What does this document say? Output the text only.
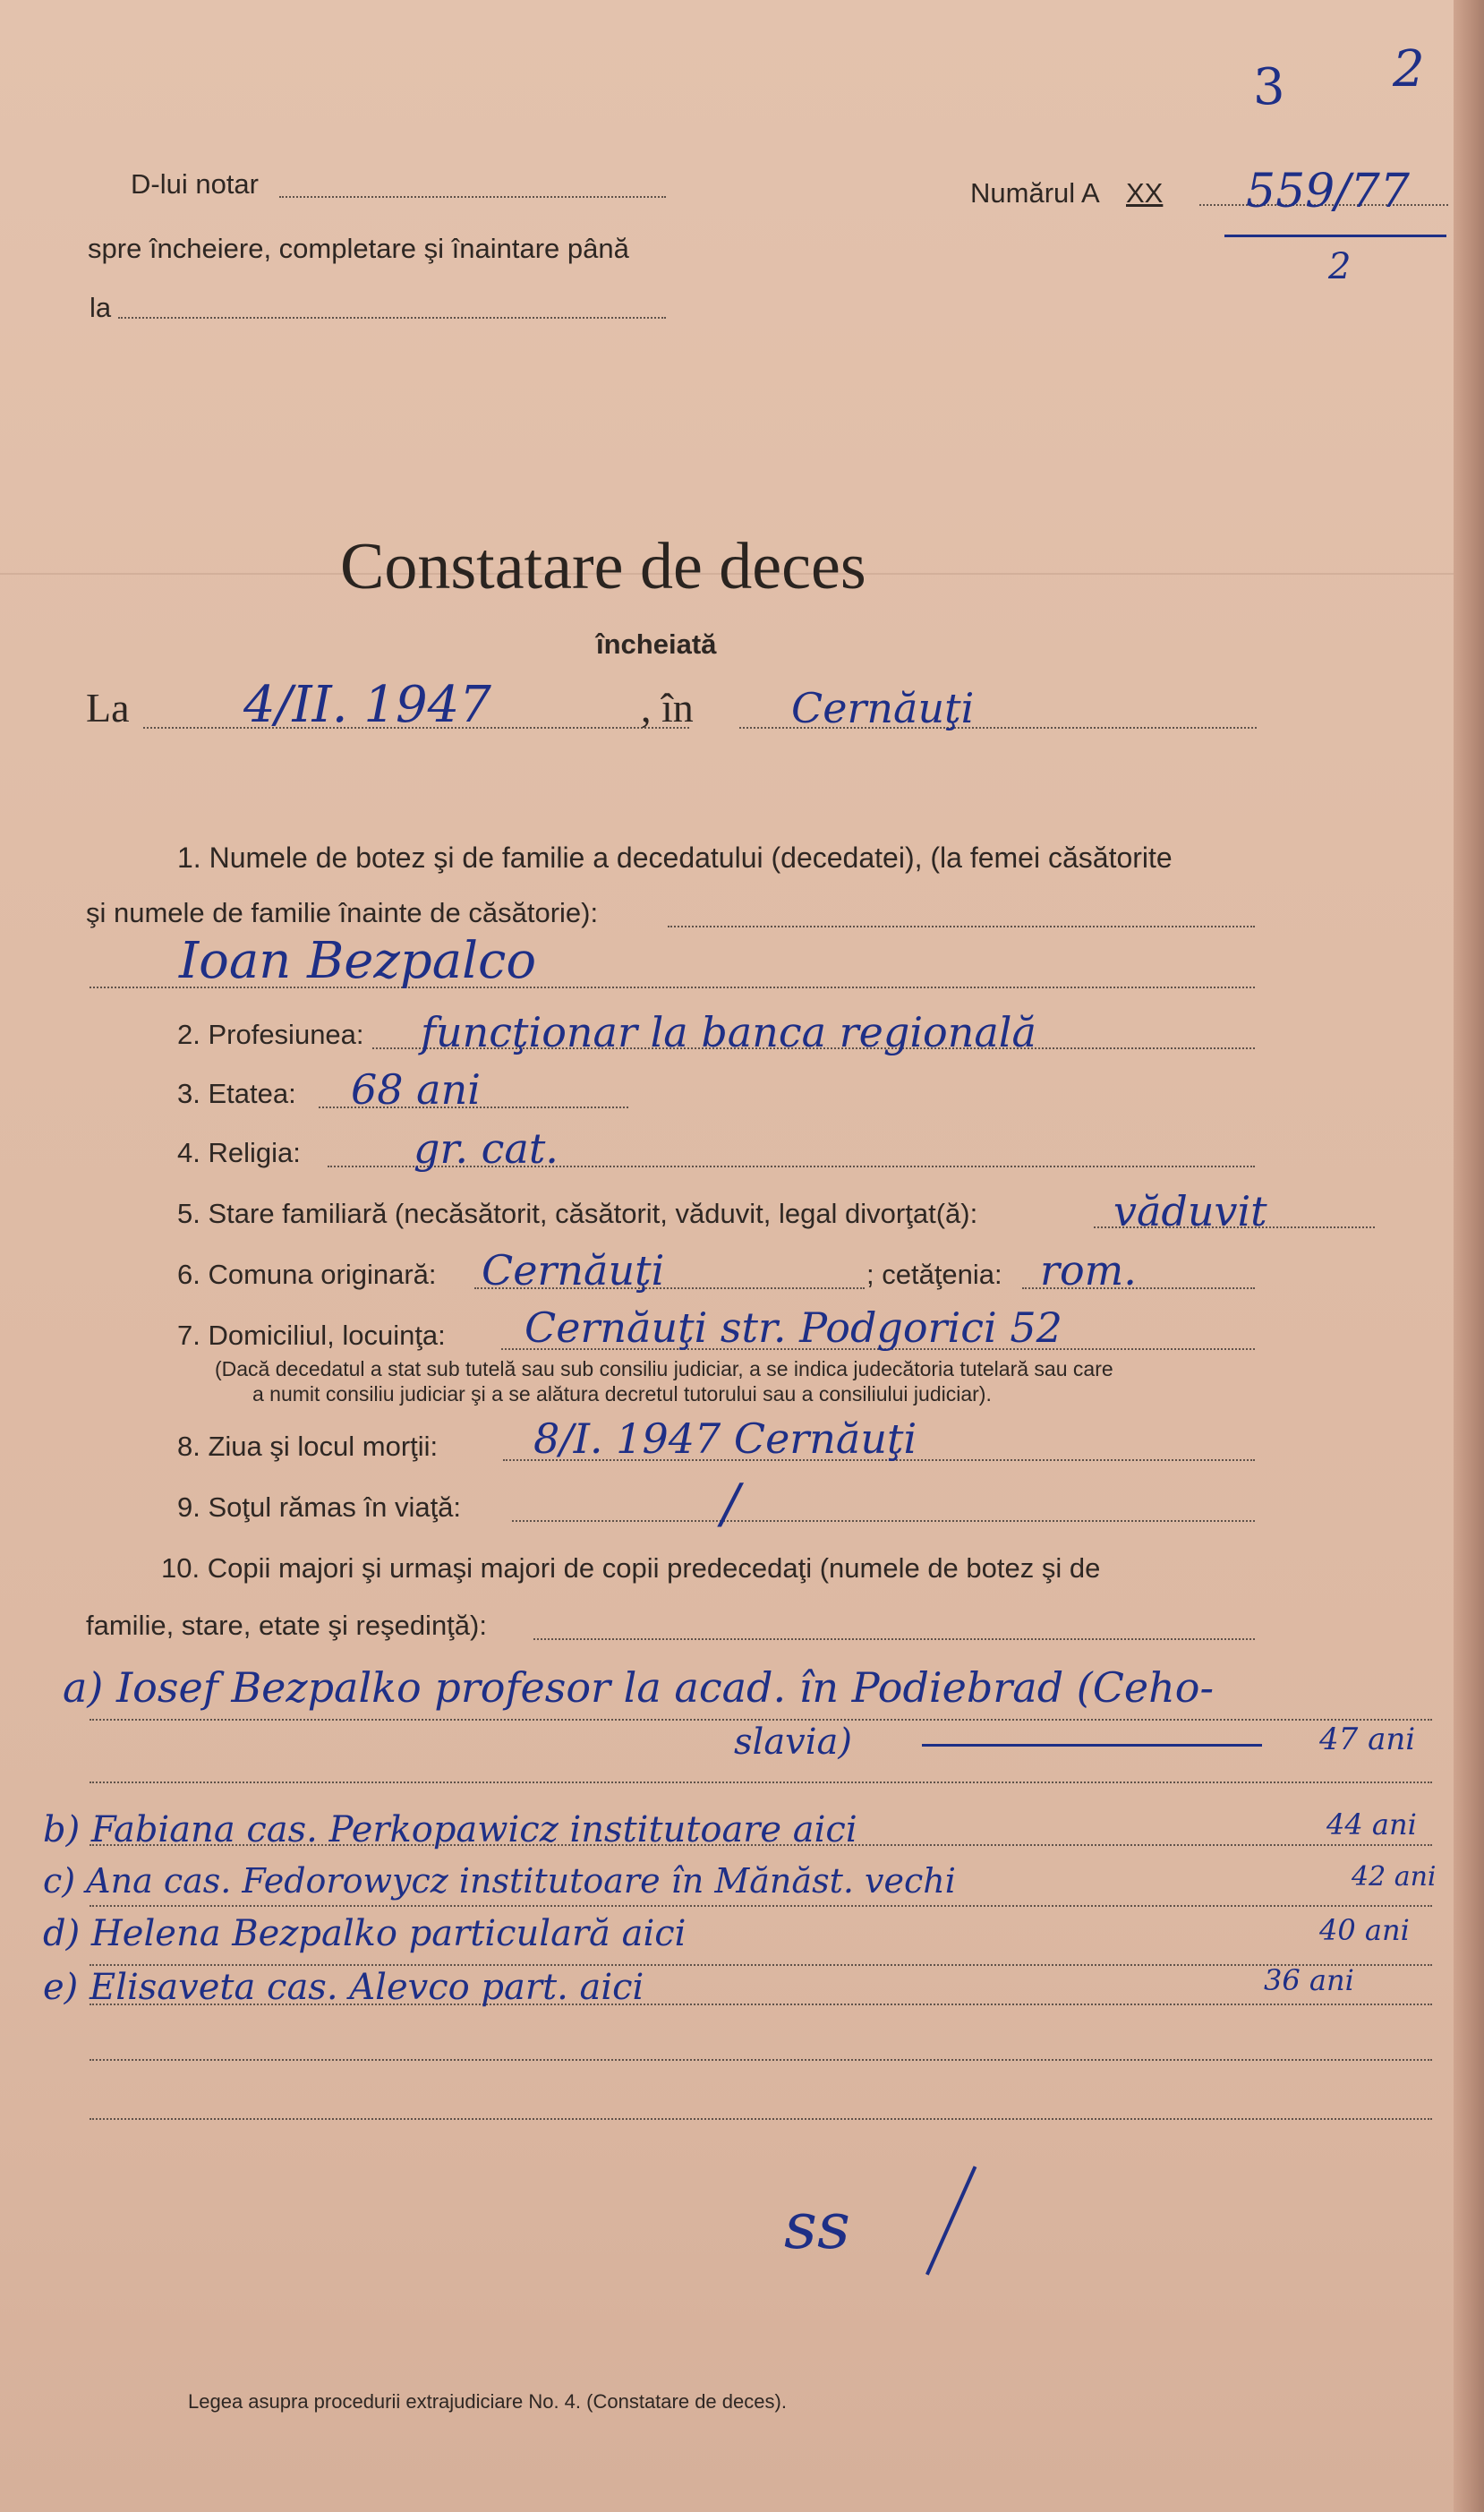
D-lui notar
spre încheiere, completare şi înaintare până
la
Numărul A XX 559/77
2
3 2
Constatare de deces
încheiată
La 4/II. 1947	, în Cernăuţi
1. Numele de botez şi de familie a decedatului (decedatei), (la femei căsătorite
şi numele de familie înainte de căsătorie):
Ioan Bezpalco
2. Profesiunea: funcţionar la banca regională
3. Etatea: 68 ani
4. Religia:	gr. cat.
5. Stare familiară (necăsătorit, căsătorit, văduvit, legal divorţat(ă):	văduvit
6. Comuna originară: Cernăuţi	; cetăţenia: rom.
7. Domiciliul, locuinţa: Cernăuţi str. Podgorici 52
(Dacă decedatul a stat sub tutelă sau sub consiliu judiciar, a se indica judecătoria tutelară sau care
a numit consiliu judiciar şi a se alătura decretul tutorului sau a consiliului judiciar).
8. Ziua şi locul morţii: 8/I. 1947 Cernăuţi
9. Soţul rămas în viaţă:	/
10. Copii majori şi urmaşi majori de copii predecedaţi (numele de botez şi de
familie, stare, etate şi reşedinţă):
a) Iosef Bezpalko profesor la acad. în Podiebrad (Ceho-
slavia)	47 ani
b) Fabiana cas. Perkopawicz institutoare aici	44 ani
c) Ana cas. Fedorowycz institutoare în Mănăst. vechi	42 ani
d) Helena Bezpalko particulară aici	40 ani
e) Elisaveta cas. Alevco part. aici	36 ani
ss
Legea asupra procedurii extrajudiciare No. 4. (Constatare de deces).
